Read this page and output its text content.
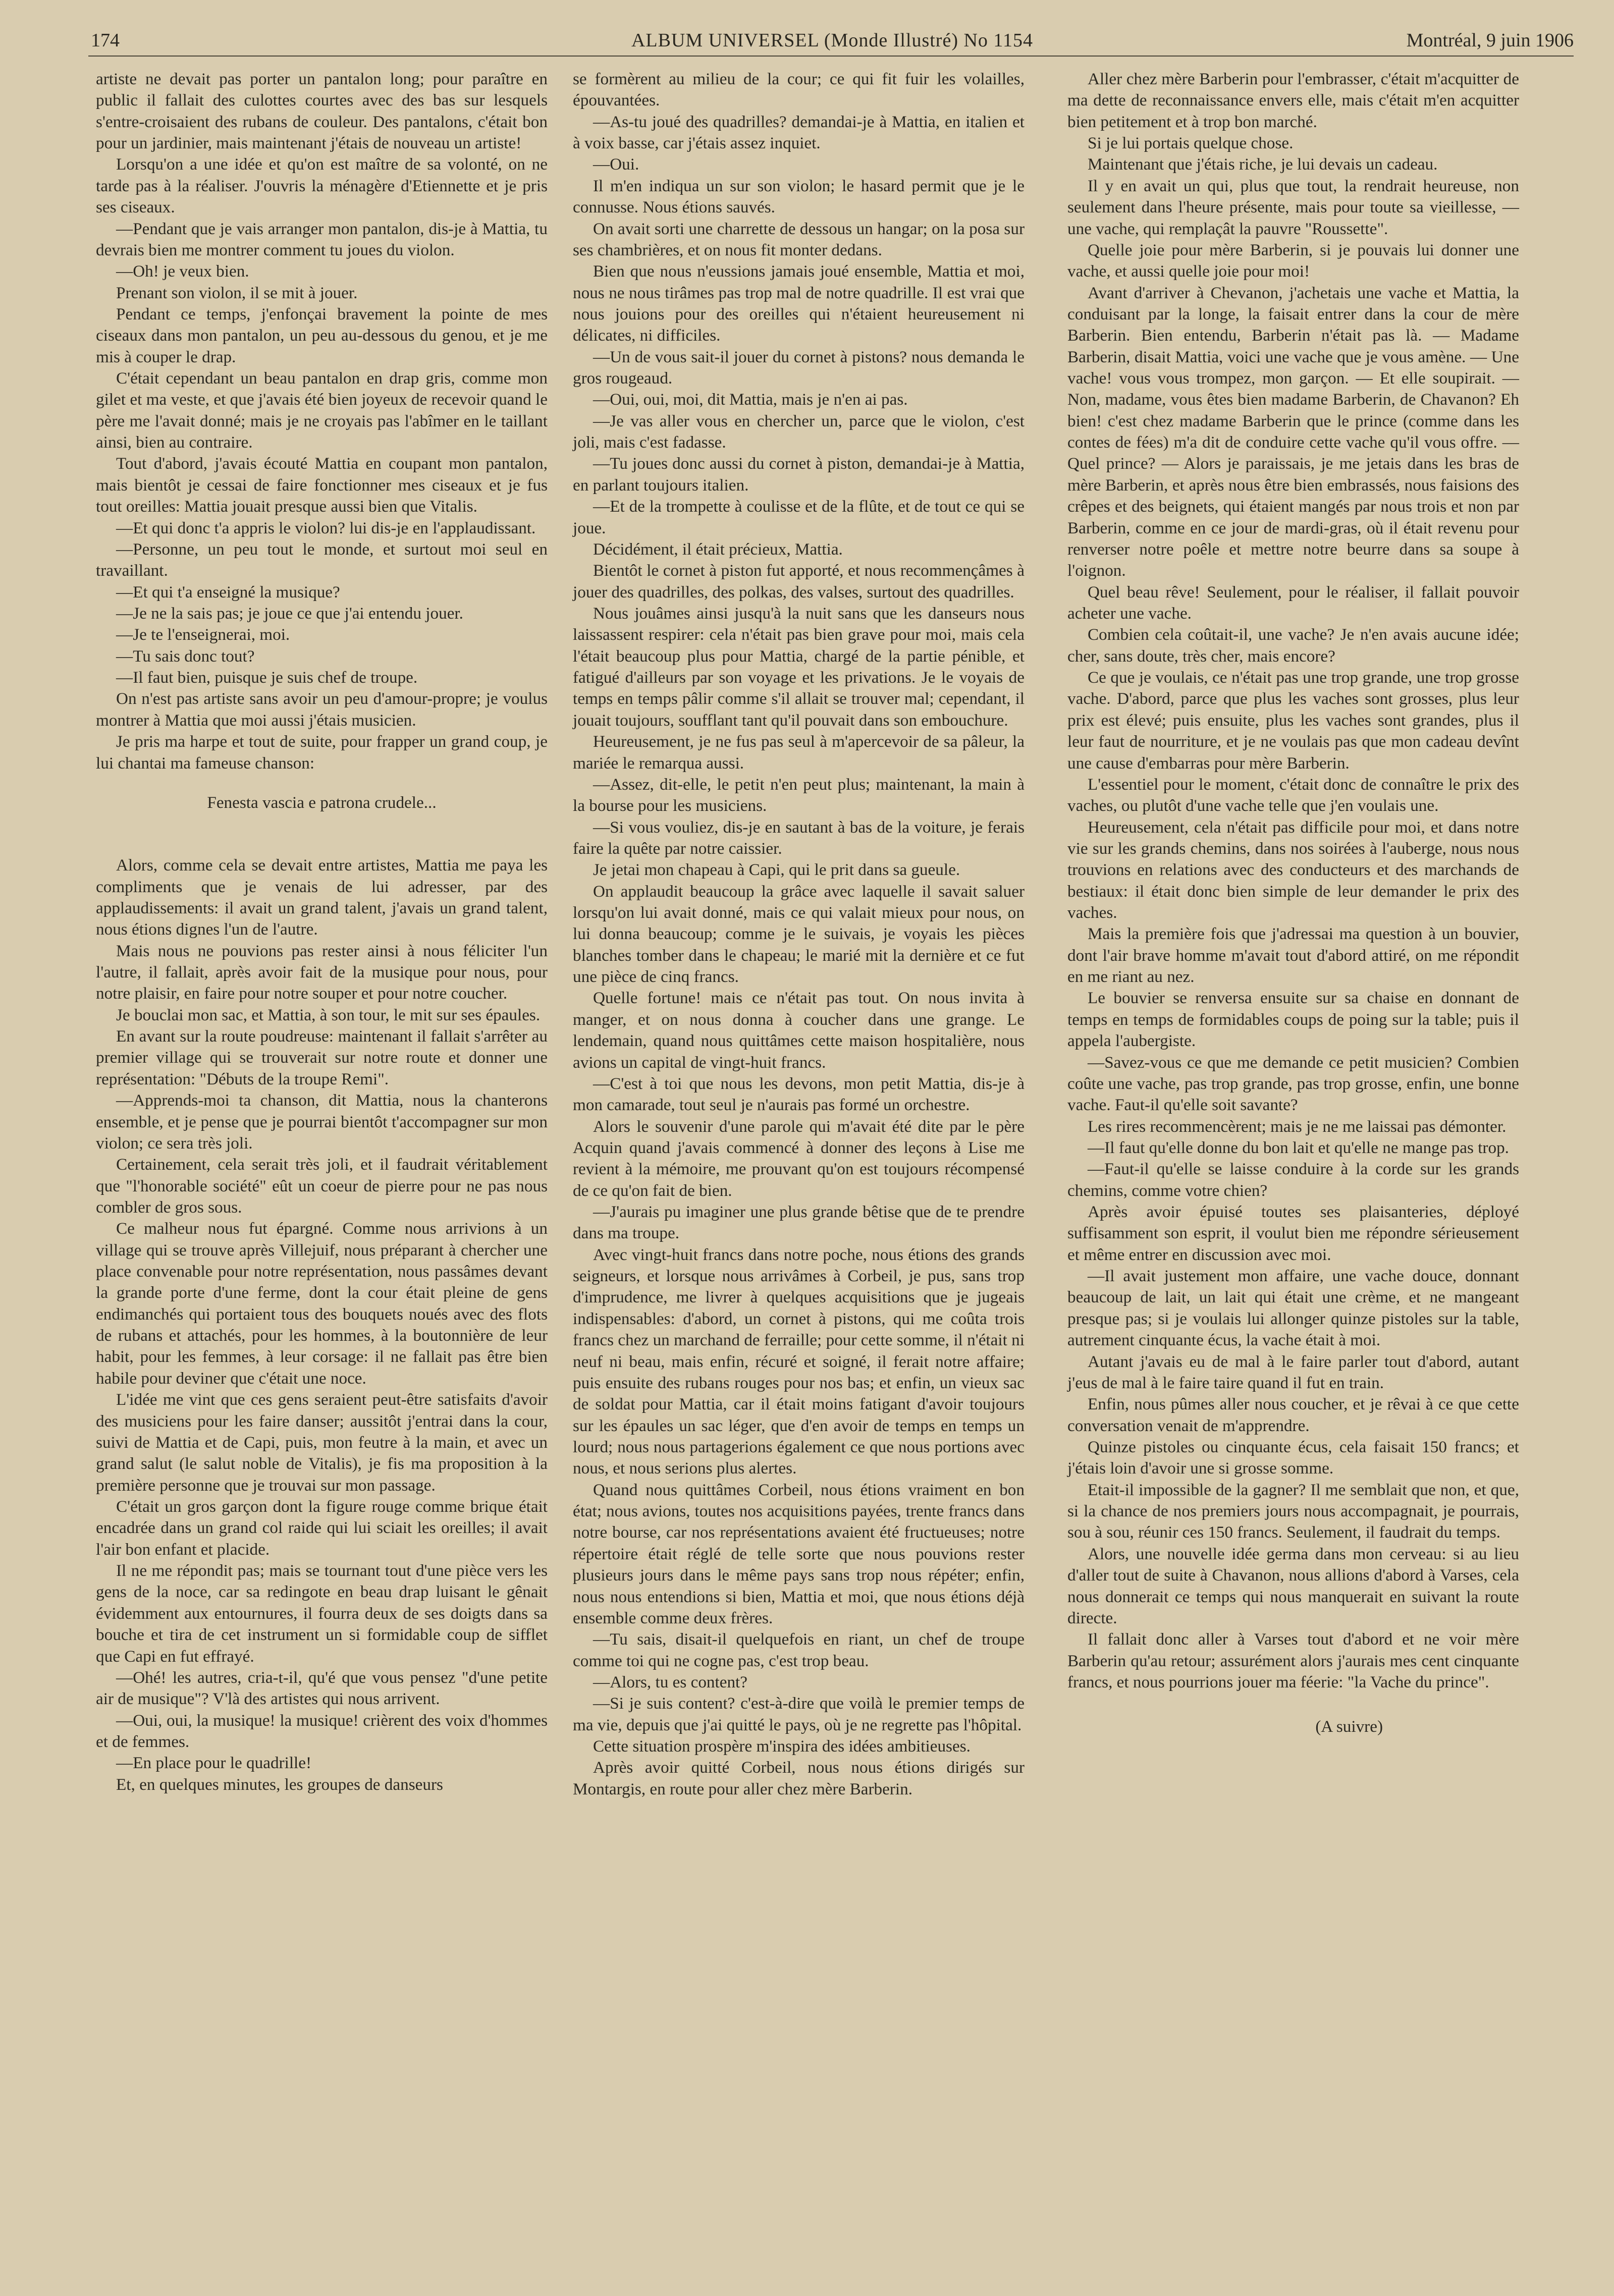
174	ALBUM UNIVERSEL (Monde Illustré) No 1154	Montréal, 9 juin 1906

artiste ne devait pas porter un pantalon long; pour paraître en public il fallait des culottes courtes avec des bas sur lesquels s'entre-croisaient des rubans de couleur. Des pantalons, c'était bon pour un jardinier, mais maintenant j'étais de nouveau un artiste!

Lorsqu'on a une idée et qu'on est maître de sa volonté, on ne tarde pas à la réaliser. J'ouvris la ménagère d'Etiennette et je pris ses ciseaux.

—Pendant que je vais arranger mon pantalon, dis-je à Mattia, tu devrais bien me montrer comment tu joues du violon.

—Oh! je veux bien.

Prenant son violon, il se mit à jouer.

Pendant ce temps, j'enfonçai bravement la pointe de mes ciseaux dans mon pantalon, un peu au-dessous du genou, et je me mis à couper le drap.

C'était cependant un beau pantalon en drap gris, comme mon gilet et ma veste, et que j'avais été bien joyeux de recevoir quand le père me l'avait donné; mais je ne croyais pas l'abîmer en le taillant ainsi, bien au contraire.

Tout d'abord, j'avais écouté Mattia en coupant mon pantalon, mais bientôt je cessai de faire fonctionner mes ciseaux et je fus tout oreilles: Mattia jouait presque aussi bien que Vitalis.

—Et qui donc t'a appris le violon? lui dis-je en l'applaudissant.

—Personne, un peu tout le monde, et surtout moi seul en travaillant.

—Et qui t'a enseigné la musique?

—Je ne la sais pas; je joue ce que j'ai entendu jouer.

—Je te l'enseignerai, moi.

—Tu sais donc tout?

—Il faut bien, puisque je suis chef de troupe.

On n'est pas artiste sans avoir un peu d'amour-propre; je voulus montrer à Mattia que moi aussi j'étais musicien.

Je pris ma harpe et tout de suite, pour frapper un grand coup, je lui chantai ma fameuse chanson:

Fenesta vascia e patrona crudele...

Alors, comme cela se devait entre artistes, Mattia me paya les compliments que je venais de lui adresser, par des applaudissements: il avait un grand talent, j'avais un grand talent, nous étions dignes l'un de l'autre.

Mais nous ne pouvions pas rester ainsi à nous féliciter l'un l'autre, il fallait, après avoir fait de la musique pour nous, pour notre plaisir, en faire pour notre souper et pour notre coucher.

Je bouclai mon sac, et Mattia, à son tour, le mit sur ses épaules.

En avant sur la route poudreuse: maintenant il fallait s'arrêter au premier village qui se trouverait sur notre route et donner une représentation: "Débuts de la troupe Remi".

—Apprends-moi ta chanson, dit Mattia, nous la chanterons ensemble, et je pense que je pourrai bientôt t'accompagner sur mon violon; ce sera très joli.

Certainement, cela serait très joli, et il faudrait véritablement que "l'honorable société" eût un coeur de pierre pour ne pas nous combler de gros sous.

Ce malheur nous fut épargné. Comme nous arrivions à un village qui se trouve après Villejuif, nous préparant à chercher une place convenable pour notre représentation, nous passâmes devant la grande porte d'une ferme, dont la cour était pleine de gens endimanchés qui portaient tous des bouquets noués avec des flots de rubans et attachés, pour les hommes, à la boutonnière de leur habit, pour les femmes, à leur corsage: il ne fallait pas être bien habile pour deviner que c'était une noce.

L'idée me vint que ces gens seraient peut-être satisfaits d'avoir des musiciens pour les faire danser; aussitôt j'entrai dans la cour, suivi de Mattia et de Capi, puis, mon feutre à la main, et avec un grand salut (le salut noble de Vitalis), je fis ma proposition à la première personne que je trouvai sur mon passage.

C'était un gros garçon dont la figure rouge comme brique était encadrée dans un grand col raide qui lui sciait les oreilles; il avait l'air bon enfant et placide.

Il ne me répondit pas; mais se tournant tout d'une pièce vers les gens de la noce, car sa redingote en beau drap luisant le gênait évidemment aux entournures, il fourra deux de ses doigts dans sa bouche et tira de cet instrument un si formidable coup de sifflet que Capi en fut effrayé.

—Ohé! les autres, cria-t-il, qu'é que vous pensez "d'une petite air de musique"? V'là des artistes qui nous arrivent.

—Oui, oui, la musique! la musique! crièrent des voix d'hommes et de femmes.

—En place pour le quadrille!

Et, en quelques minutes, les groupes de danseurs

se formèrent au milieu de la cour; ce qui fit fuir les volailles, épouvantées.

—As-tu joué des quadrilles? demandai-je à Mattia, en italien et à voix basse, car j'étais assez inquiet.

—Oui.

Il m'en indiqua un sur son violon; le hasard permit que je le connusse. Nous étions sauvés.

On avait sorti une charrette de dessous un hangar; on la posa sur ses chambrières, et on nous fit monter dedans.

Bien que nous n'eussions jamais joué ensemble, Mattia et moi, nous ne nous tirâmes pas trop mal de notre quadrille. Il est vrai que nous jouions pour des oreilles qui n'étaient heureusement ni délicates, ni difficiles.

—Un de vous sait-il jouer du cornet à pistons? nous demanda le gros rougeaud.

—Oui, oui, moi, dit Mattia, mais je n'en ai pas.

—Je vas aller vous en chercher un, parce que le violon, c'est joli, mais c'est fadasse.

—Tu joues donc aussi du cornet à piston, demandai-je à Mattia, en parlant toujours italien.

—Et de la trompette à coulisse et de la flûte, et de tout ce qui se joue.

Décidément, il était précieux, Mattia.

Bientôt le cornet à piston fut apporté, et nous recommençâmes à jouer des quadrilles, des polkas, des valses, surtout des quadrilles.

Nous jouâmes ainsi jusqu'à la nuit sans que les danseurs nous laissassent respirer: cela n'était pas bien grave pour moi, mais cela l'était beaucoup plus pour Mattia, chargé de la partie pénible, et fatigué d'ailleurs par son voyage et les privations. Je le voyais de temps en temps pâlir comme s'il allait se trouver mal; cependant, il jouait toujours, soufflant tant qu'il pouvait dans son embouchure.

Heureusement, je ne fus pas seul à m'apercevoir de sa pâleur, la mariée le remarqua aussi.

—Assez, dit-elle, le petit n'en peut plus; maintenant, la main à la bourse pour les musiciens.

—Si vous vouliez, dis-je en sautant à bas de la voiture, je ferais faire la quête par notre caissier.

Je jetai mon chapeau à Capi, qui le prit dans sa gueule.

On applaudit beaucoup la grâce avec laquelle il savait saluer lorsqu'on lui avait donné, mais ce qui valait mieux pour nous, on lui donna beaucoup; comme je le suivais, je voyais les pièces blanches tomber dans le chapeau; le marié mit la dernière et ce fut une pièce de cinq francs.

Quelle fortune! mais ce n'était pas tout. On nous invita à manger, et on nous donna à coucher dans une grange. Le lendemain, quand nous quittâmes cette maison hospitalière, nous avions un capital de vingt-huit francs.

—C'est à toi que nous les devons, mon petit Mattia, dis-je à mon camarade, tout seul je n'aurais pas formé un orchestre.

Alors le souvenir d'une parole qui m'avait été dite par le père Acquin quand j'avais commencé à donner des leçons à Lise me revient à la mémoire, me prouvant qu'on est toujours récompensé de ce qu'on fait de bien.

—J'aurais pu imaginer une plus grande bêtise que de te prendre dans ma troupe.

Avec vingt-huit francs dans notre poche, nous étions des grands seigneurs, et lorsque nous arrivâmes à Corbeil, je pus, sans trop d'imprudence, me livrer à quelques acquisitions que je jugeais indispensables: d'abord, un cornet à pistons, qui me coûta trois francs chez un marchand de ferraille; pour cette somme, il n'était ni neuf ni beau, mais enfin, récuré et soigné, il ferait notre affaire; puis ensuite des rubans rouges pour nos bas; et enfin, un vieux sac de soldat pour Mattia, car il était moins fatigant d'avoir toujours sur les épaules un sac léger, que d'en avoir de temps en temps un lourd; nous nous partagerions également ce que nous portions avec nous, et nous serions plus alertes.

Quand nous quittâmes Corbeil, nous étions vraiment en bon état; nous avions, toutes nos acquisitions payées, trente francs dans notre bourse, car nos représentations avaient été fructueuses; notre répertoire était réglé de telle sorte que nous pouvions rester plusieurs jours dans le même pays sans trop nous répéter; enfin, nous nous entendions si bien, Mattia et moi, que nous étions déjà ensemble comme deux frères.

—Tu sais, disait-il quelquefois en riant, un chef de troupe comme toi qui ne cogne pas, c'est trop beau.

—Alors, tu es content?

—Si je suis content? c'est-à-dire que voilà le premier temps de ma vie, depuis que j'ai quitté le pays, où je ne regrette pas l'hôpital.

Cette situation prospère m'inspira des idées ambitieuses.

Après avoir quitté Corbeil, nous nous étions dirigés sur Montargis, en route pour aller chez mère Barberin.

Aller chez mère Barberin pour l'embrasser, c'était m'acquitter de ma dette de reconnaissance envers elle, mais c'était m'en acquitter bien petitement et à trop bon marché.

Si je lui portais quelque chose.

Maintenant que j'étais riche, je lui devais un cadeau.

Il y en avait un qui, plus que tout, la rendrait heureuse, non seulement dans l'heure présente, mais pour toute sa vieillesse, — une vache, qui remplaçât la pauvre "Roussette".

Quelle joie pour mère Barberin, si je pouvais lui donner une vache, et aussi quelle joie pour moi!

Avant d'arriver à Chevanon, j'achetais une vache et Mattia, la conduisant par la longe, la faisait entrer dans la cour de mère Barberin. Bien entendu, Barberin n'était pas là. — Madame Barberin, disait Mattia, voici une vache que je vous amène. — Une vache! vous vous trompez, mon garçon. — Et elle soupirait. — Non, madame, vous êtes bien madame Barberin, de Chavanon? Eh bien! c'est chez madame Barberin que le prince (comme dans les contes de fées) m'a dit de conduire cette vache qu'il vous offre. — Quel prince? — Alors je paraissais, je me jetais dans les bras de mère Barberin, et après nous être bien embrassés, nous faisions des crêpes et des beignets, qui étaient mangés par nous trois et non par Barberin, comme en ce jour de mardi-gras, où il était revenu pour renverser notre poêle et mettre notre beurre dans sa soupe à l'oignon.

Quel beau rêve! Seulement, pour le réaliser, il fallait pouvoir acheter une vache.

Combien cela coûtait-il, une vache? Je n'en avais aucune idée; cher, sans doute, très cher, mais encore?

Ce que je voulais, ce n'était pas une trop grande, une trop grosse vache. D'abord, parce que plus les vaches sont grosses, plus leur prix est élevé; puis ensuite, plus les vaches sont grandes, plus il leur faut de nourriture, et je ne voulais pas que mon cadeau devînt une cause d'embarras pour mère Barberin.

L'essentiel pour le moment, c'était donc de connaître le prix des vaches, ou plutôt d'une vache telle que j'en voulais une.

Heureusement, cela n'était pas difficile pour moi, et dans notre vie sur les grands chemins, dans nos soirées à l'auberge, nous nous trouvions en relations avec des conducteurs et des marchands de bestiaux: il était donc bien simple de leur demander le prix des vaches.

Mais la première fois que j'adressai ma question à un bouvier, dont l'air brave homme m'avait tout d'abord attiré, on me répondit en me riant au nez.

Le bouvier se renversa ensuite sur sa chaise en donnant de temps en temps de formidables coups de poing sur la table; puis il appela l'aubergiste.

—Savez-vous ce que me demande ce petit musicien? Combien coûte une vache, pas trop grande, pas trop grosse, enfin, une bonne vache. Faut-il qu'elle soit savante?

Les rires recommencèrent; mais je ne me laissai pas démonter.

—Il faut qu'elle donne du bon lait et qu'elle ne mange pas trop.

—Faut-il qu'elle se laisse conduire à la corde sur les grands chemins, comme votre chien?

Après avoir épuisé toutes ses plaisanteries, déployé suffisamment son esprit, il voulut bien me répondre sérieusement et même entrer en discussion avec moi.

—Il avait justement mon affaire, une vache douce, donnant beaucoup de lait, un lait qui était une crème, et ne mangeant presque pas; si je voulais lui allonger quinze pistoles sur la table, autrement cinquante écus, la vache était à moi.

Autant j'avais eu de mal à le faire parler tout d'abord, autant j'eus de mal à le faire taire quand il fut en train.

Enfin, nous pûmes aller nous coucher, et je rêvai à ce que cette conversation venait de m'apprendre.

Quinze pistoles ou cinquante écus, cela faisait 150 francs; et j'étais loin d'avoir une si grosse somme.

Etait-il impossible de la gagner? Il me semblait que non, et que, si la chance de nos premiers jours nous accompagnait, je pourrais, sou à sou, réunir ces 150 francs. Seulement, il faudrait du temps.

Alors, une nouvelle idée germa dans mon cerveau: si au lieu d'aller tout de suite à Chavanon, nous allions d'abord à Varses, cela nous donnerait ce temps qui nous manquerait en suivant la route directe.

Il fallait donc aller à Varses tout d'abord et ne voir mère Barberin qu'au retour; assurément alors j'aurais mes cent cinquante francs, et nous pourrions jouer ma féerie: "la Vache du prince".

(A suivre)
